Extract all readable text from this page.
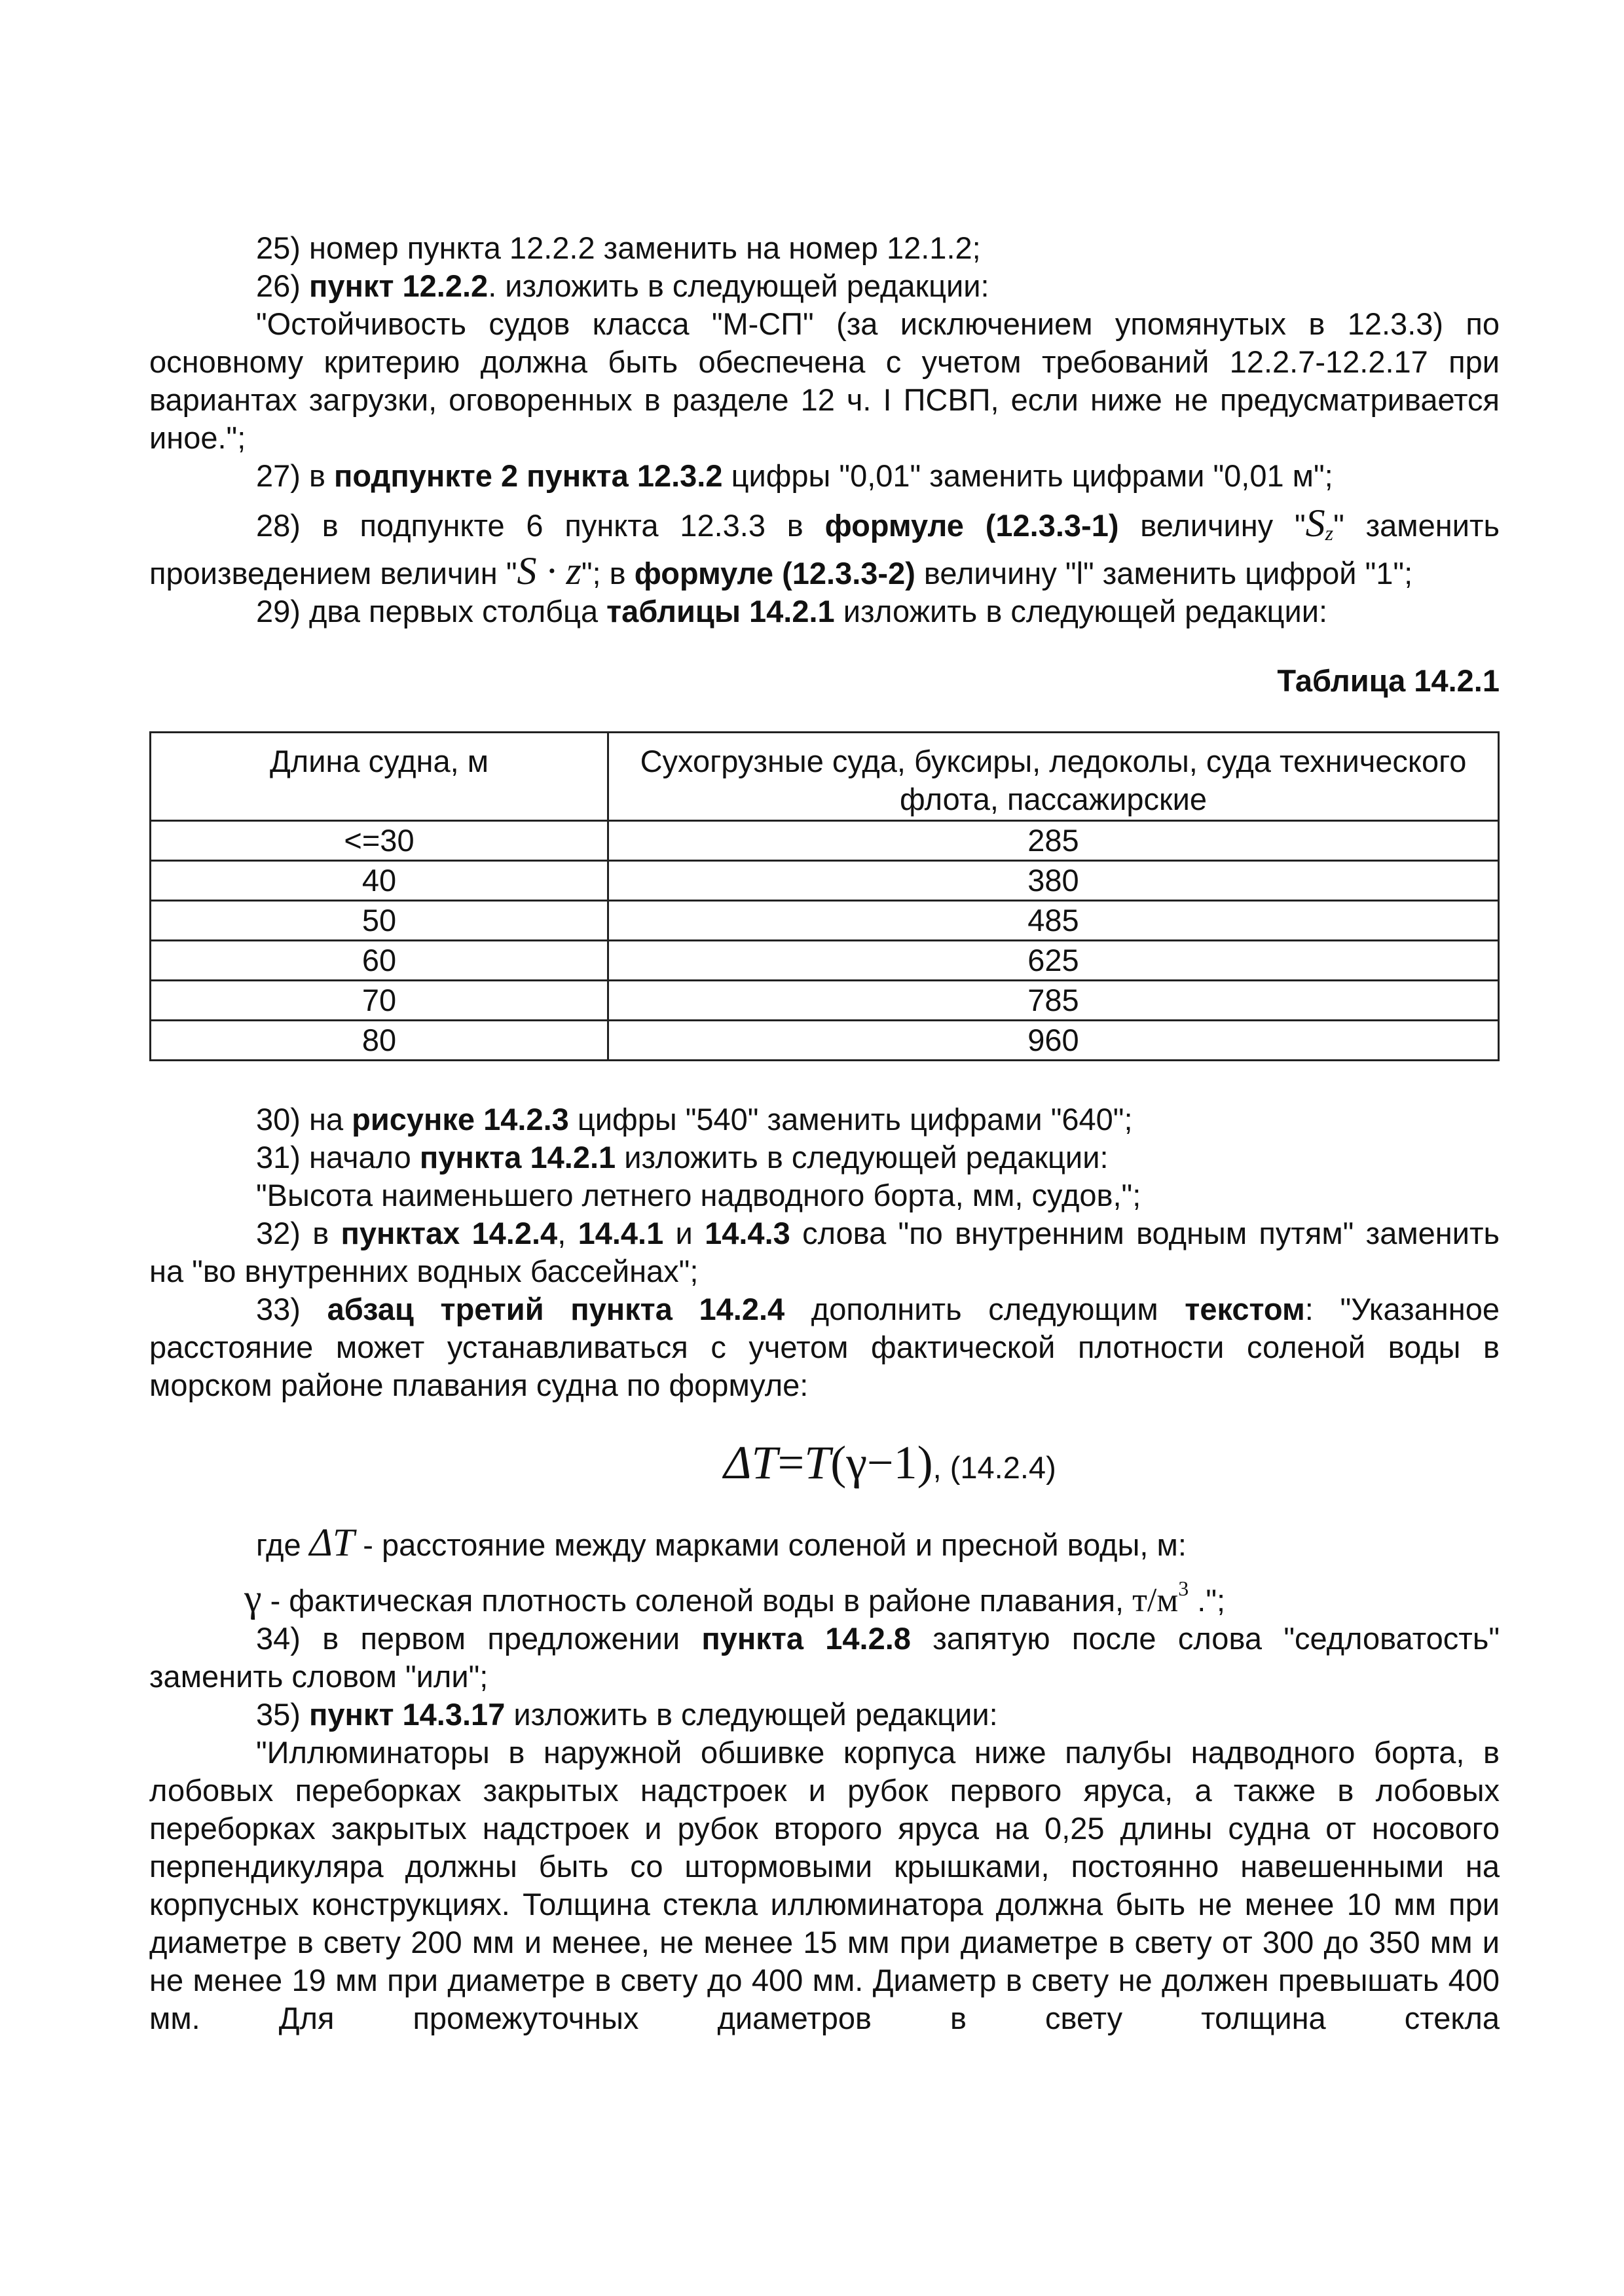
25) номер пункта 12.2.2 заменить на номер 12.1.2;

26) пункт 12.2.2. изложить в следующей редакции:

"Остойчивость судов класса "М-СП" (за исключением упомянутых в 12.3.3) по основному критерию должна быть обеспечена с учетом требований 12.2.7-12.2.17 при вариантах загрузки, оговоренных в разделе 12 ч. I ПСВП, если ниже не предусматривается иное.";

27) в подпункте 2 пункта 12.3.2 цифры "0,01" заменить цифрами "0,01 м";

28) в подпункте 6 пункта 12.3.3 в формуле (12.3.3-1) величину "Sz" заменить произведением величин "S · z"; в формуле (12.3.3-2) величину "l" заменить цифрой "1";

29) два первых столбца таблицы 14.2.1 изложить в следующей редакции:

Таблица 14.2.1
Длина судна, м	Сухогрузные суда, буксиры, ледоколы, суда технического флота, пассажирские
<=30	285
40	380
50	485
60	625
70	785
80	960

30) на рисунке 14.2.3 цифры "540" заменить цифрами "640";

31) начало пункта 14.2.1 изложить в следующей редакции:

"Высота наименьшего летнего надводного борта, мм, судов,";

32) в пунктах 14.2.4, 14.4.1 и 14.4.3 слова "по внутренним водным путям" заменить на "во внутренних водных бассейнах";

33) абзац третий пункта 14.2.4 дополнить следующим текстом: "Указанное расстояние может устанавливаться с учетом фактической плотности соленой воды в морском районе плавания судна по формуле:

ΔT=T(γ−1), (14.2.4)

где ΔT - расстояние между марками соленой и пресной воды, м:

γ - фактическая плотность соленой воды в районе плавания, $т/м^3$ .";

34) в первом предложении пункта 14.2.8 запятую после слова "седловатость" заменить словом "или";

35) пункт 14.3.17 изложить в следующей редакции:

"Иллюминаторы в наружной обшивке корпуса ниже палубы надводного борта, в лобовых переборках закрытых надстроек и рубок первого яруса, а также в лобовых переборках закрытых надстроек и рубок второго яруса на 0,25 длины судна от носового перпендикуляра должны быть со штормовыми крышками, постоянно навешенными на корпусных конструкциях. Толщина стекла иллюминатора должна быть не менее 10 мм при диаметре в свету 200 мм и менее, не менее 15 мм при диаметре в свету от 300 до 350 мм и не менее 19 мм при диаметре в свету до 400 мм. Диаметр в свету не должен превышать 400 мм. Для промежуточных диаметров в свету толщина стекла
